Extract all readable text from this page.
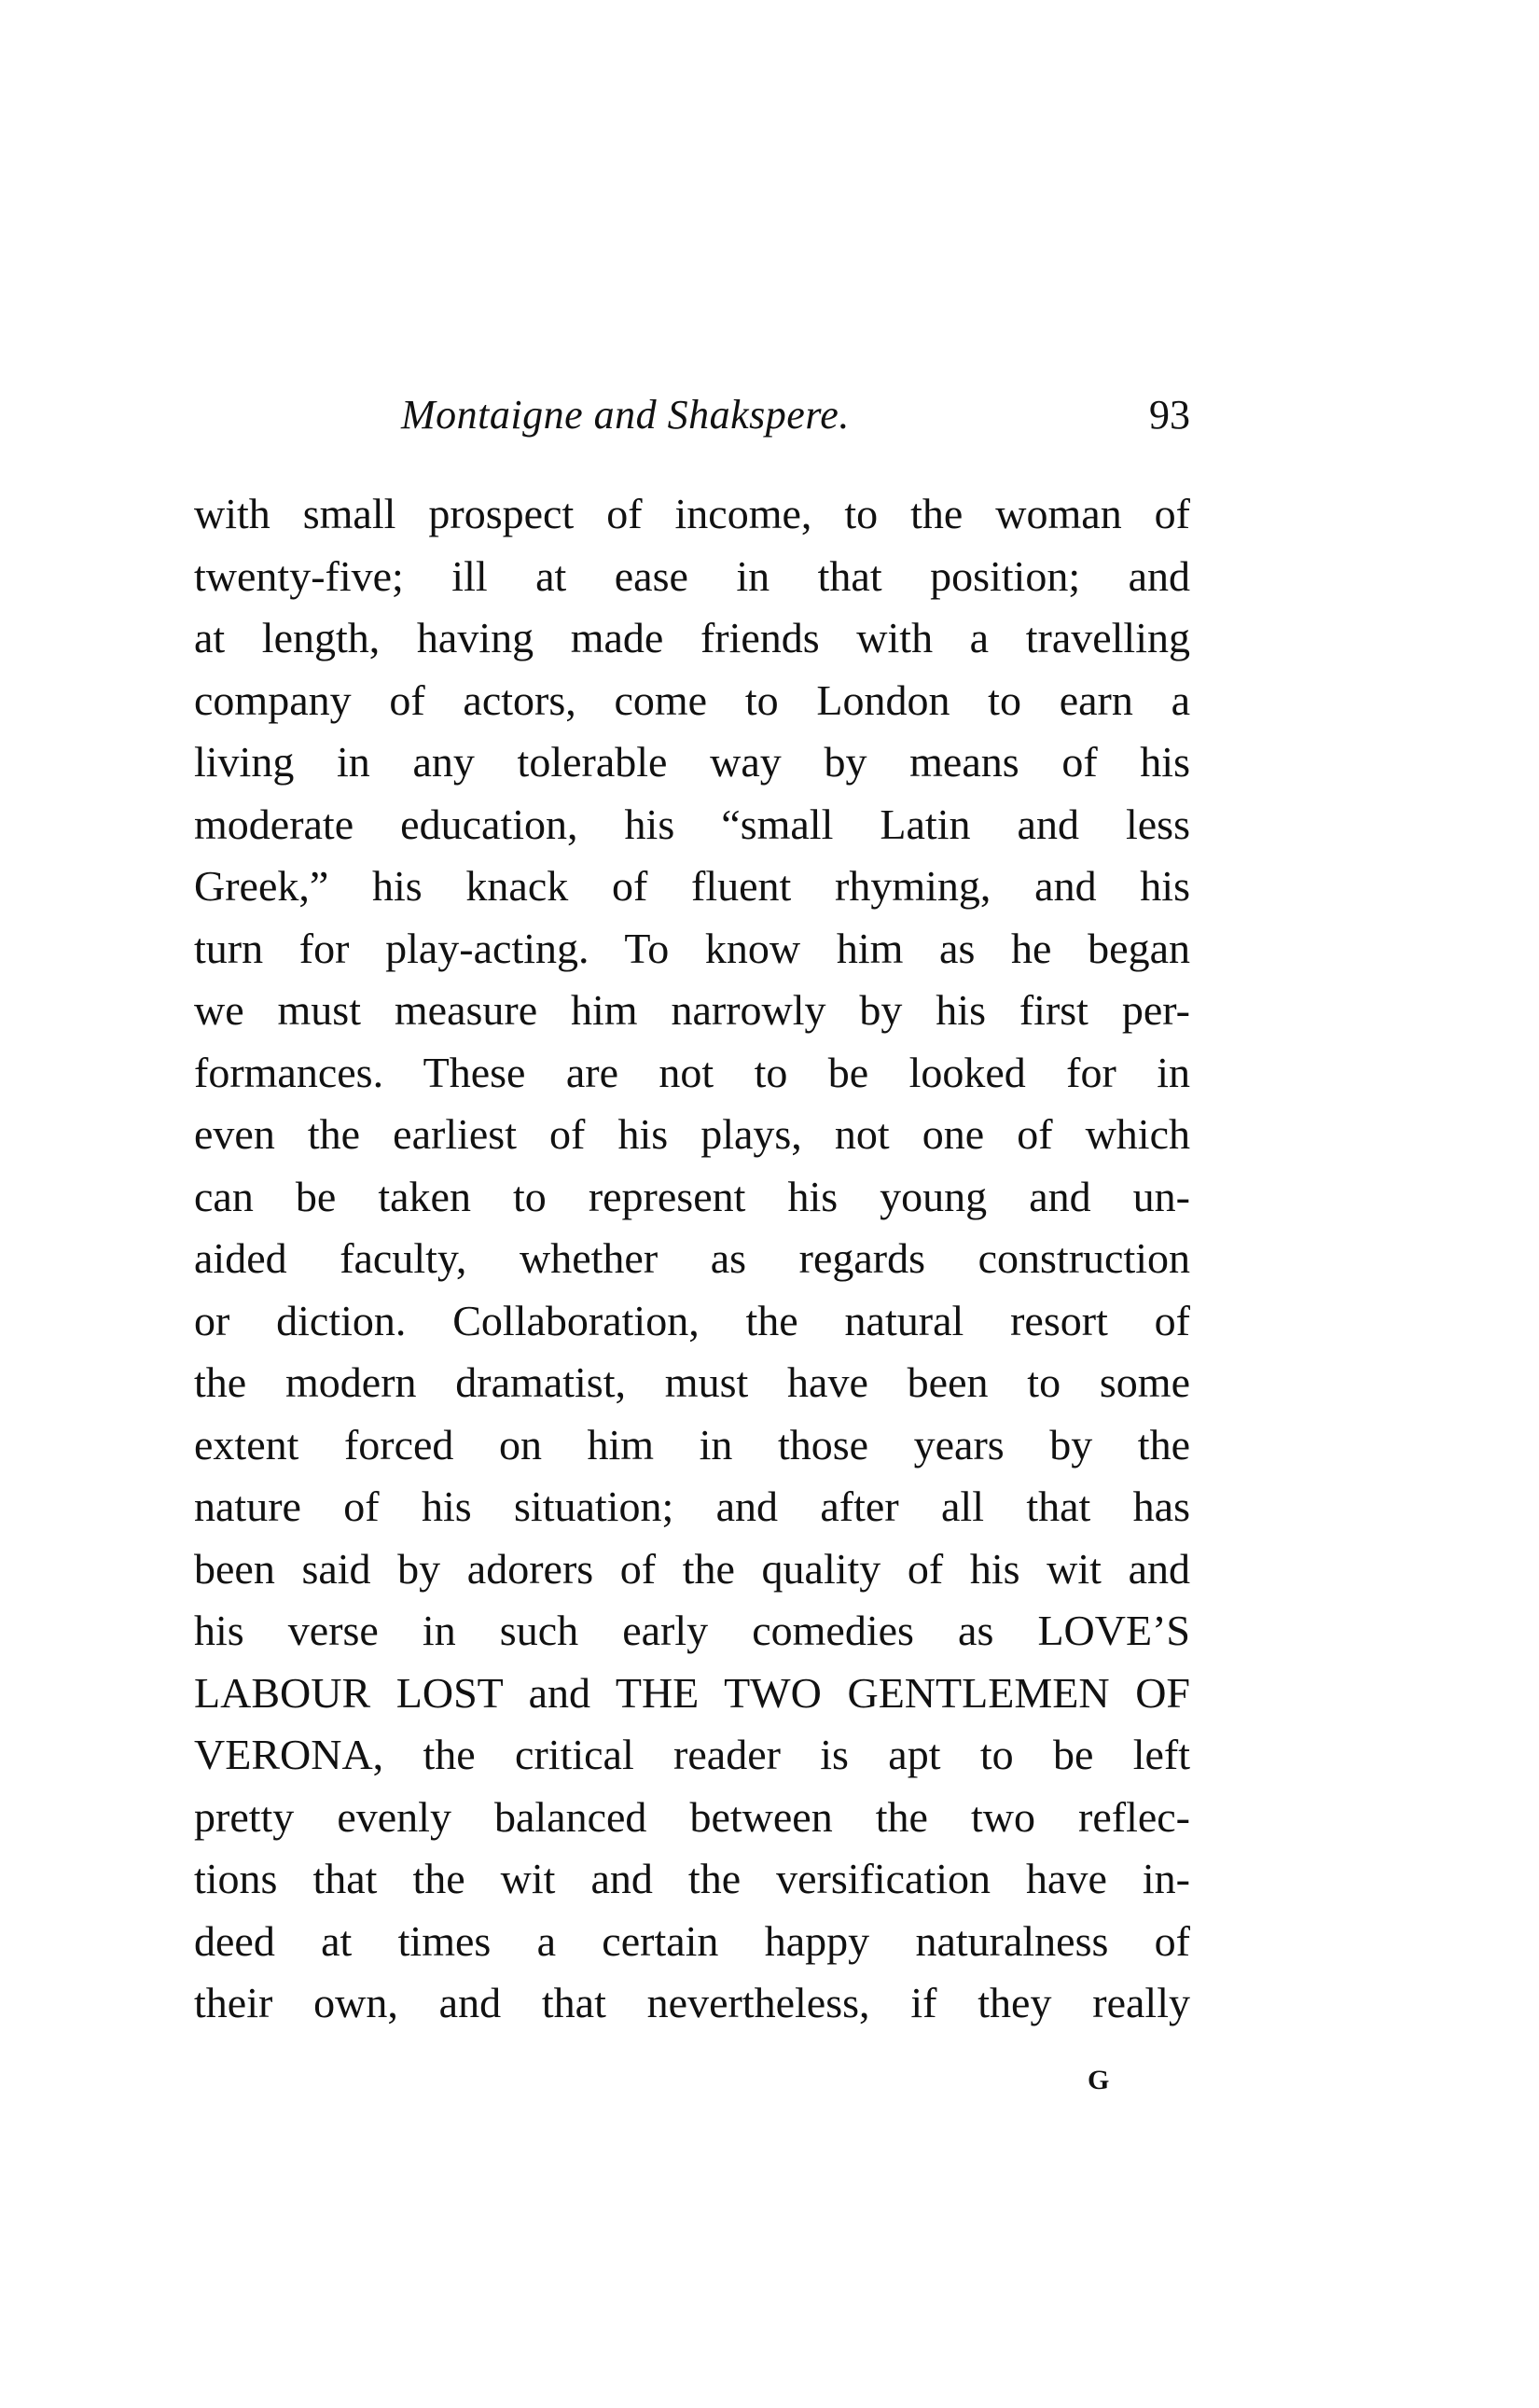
Montaigne and Shakspere.	93
with small prospect of income, to the woman of
twenty-five; ill at ease in that position; and
at length, having made friends with a travelling
company of actors, come to London to earn a
living in any tolerable way by means of his
moderate education, his “small Latin and less
Greek,” his knack of fluent rhyming, and his
turn for play-acting. To know him as he began
we must measure him narrowly by his first per-
formances. These are not to be looked for in
even the earliest of his plays, not one of which
can be taken to represent his young and un-
aided faculty, whether as regards construction
or diction. Collaboration, the natural resort of
the modern dramatist, must have been to some
extent forced on him in those years by the
nature of his situation; and after all that has
been said by adorers of the quality of his wit and
his verse in such early comedies as LOVE’S
LABOUR LOST and THE TWO GENTLEMEN OF
VERONA, the critical reader is apt to be left
pretty evenly balanced between the two reflec-
tions that the wit and the versification have in-
deed at times a certain happy naturalness of
their own, and that nevertheless, if they really
G
